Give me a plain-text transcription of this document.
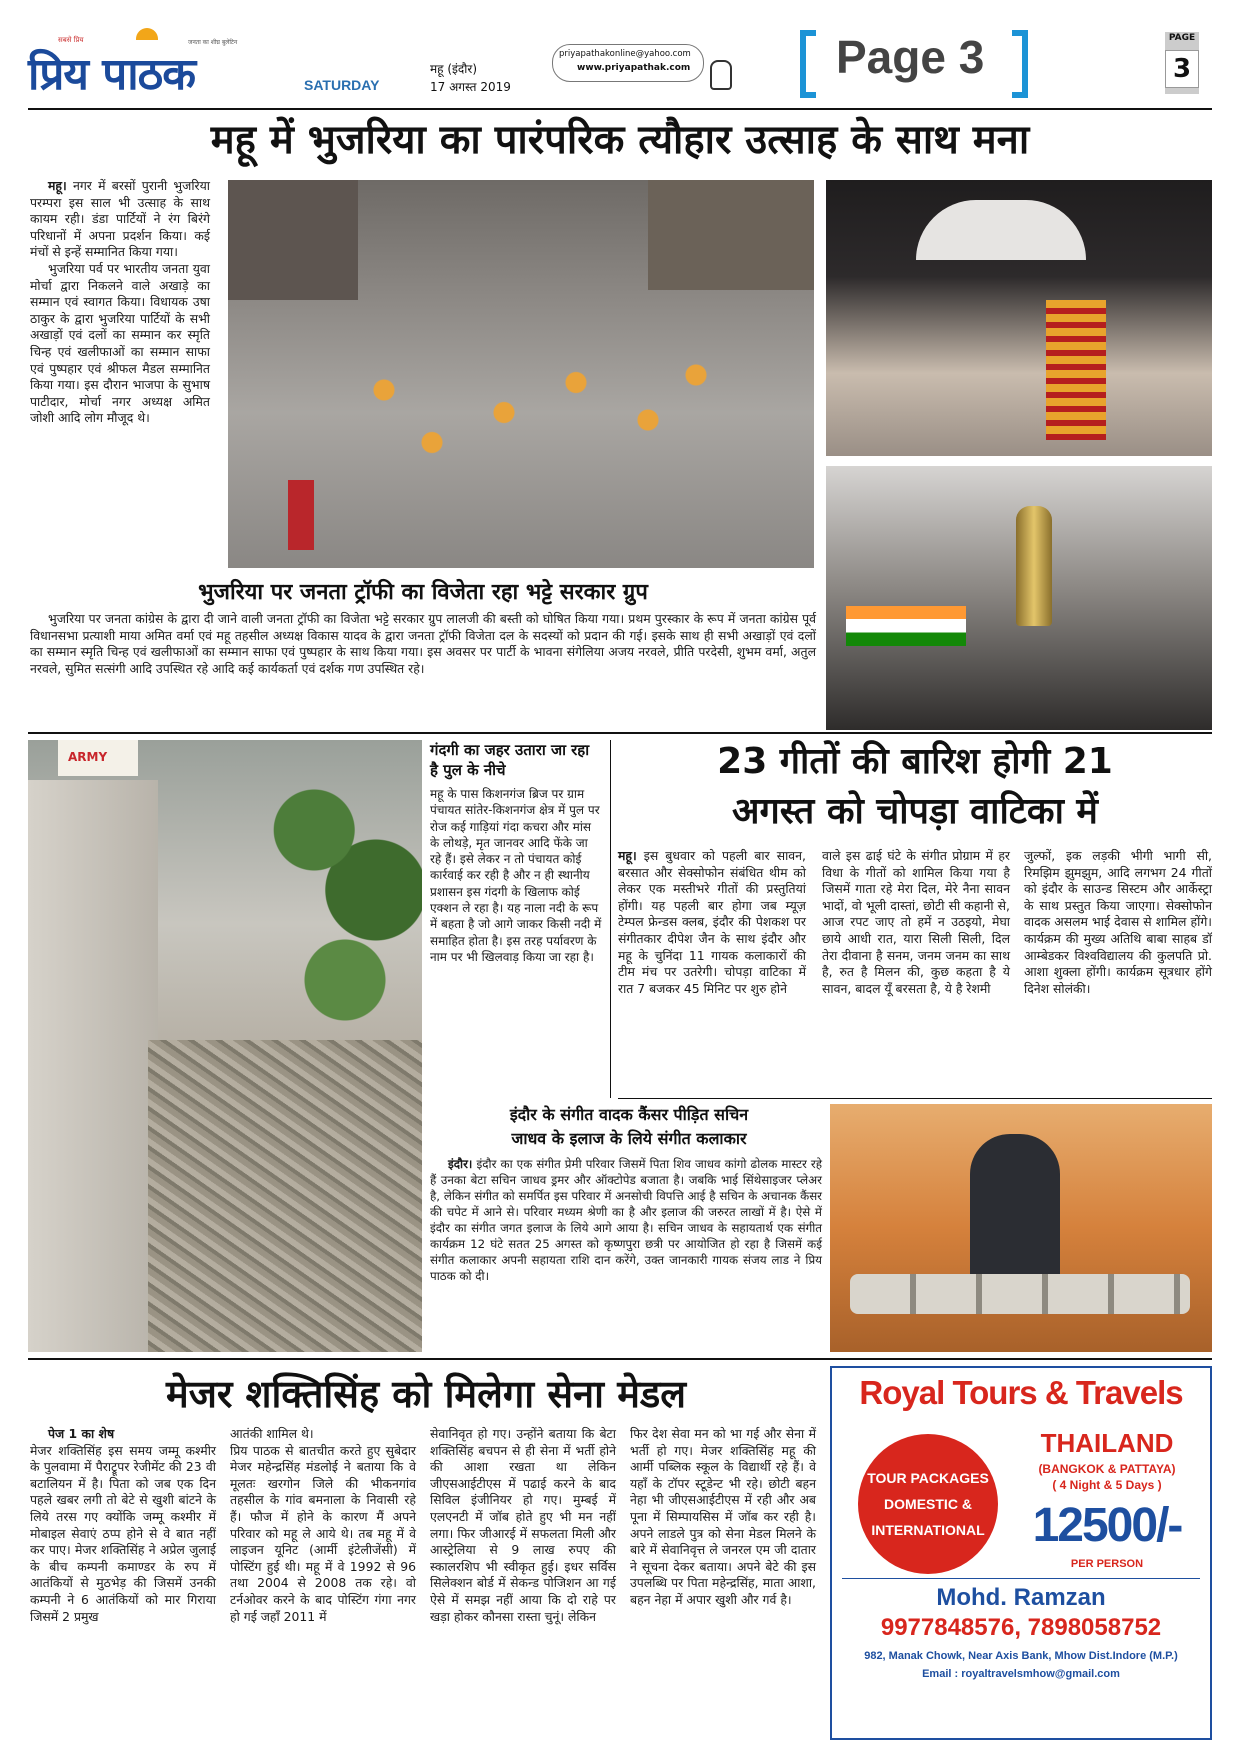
सबसे प्रिय
प्रिय पाठक
जनता का शीघ्र बुलेटिन
SATURDAY
महू (इंदौर)
17 अगस्त 2019
priyapathakonline@yahoo.com
www.priyapathak.com	Page 3	PAGE
3
महू में भुजरिया का पारंपरिक त्यौहार उत्साह के साथ मना

महू। नगर में बरसों पुरानी भुजरिया परम्परा इस साल भी उत्साह के साथ कायम रही। डंडा पार्टियों ने रंग बिरंगे परिधानों में अपना प्रदर्शन किया। कई मंचों से इन्हें सम्मानित किया गया।

भुजरिया पर्व पर भारतीय जनता युवा मोर्चा द्वारा निकलने वाले अखाड़े का सम्मान एवं स्वागत किया। विधायक उषा ठाकुर के द्वारा भुजरिया पार्टियों के सभी अखाड़ों एवं दलों का सम्मान कर स्मृति चिन्ह एवं खलीफाओं का सम्मान साफा एवं पुष्पहार एवं श्रीफल मैडल सम्मानित किया गया। इस दौरान भाजपा के सुभाष पाटीदार, मोर्चा नगर अध्यक्ष अमित जोशी आदि लोग मौजूद थे।

भुजरिया पर जनता ट्रॉफी का विजेता रहा भट्टे सरकार ग्रुप
भुजरिया पर जनता कांग्रेस के द्वारा दी जाने वाली जनता ट्रॉफी का विजेता भट्टे सरकार ग्रुप लालजी की बस्ती को घोषित किया गया। प्रथम पुरस्कार के रूप में जनता कांग्रेस पूर्व विधानसभा प्रत्याशी माया अमित वर्मा एवं महू तहसील अध्यक्ष विकास यादव के द्वारा जनता ट्रॉफी विजेता दल के सदस्यों को प्रदान की गई। इसके साथ ही सभी अखाड़ों एवं दलों का सम्मान स्मृति चिन्ह एवं खलीफाओं का सम्मान साफा एवं पुष्पहार के साथ किया गया। इस अवसर पर पार्टी के भावना संगेलिया अजय नरवले, प्रीति परदेसी, शुभम वर्मा, अतुल नरवले, सुमित सत्संगी आदि उपस्थित रहे आदि कई कार्यकर्ता एवं दर्शक गण उपस्थित रहे।
ARMY	गंदगी का जहर उतारा जा रहा है पुल के नीचे
महू के पास किशनगंज ब्रिज पर ग्राम पंचायत सांतेर-किशनगंज क्षेत्र में पुल पर रोज कई गाड़ियां गंदा कचरा और मांस के लोथड़े, मृत जानवर आदि फेंके जा रहे हैं। इसे लेकर न तो पंचायत कोई कार्रवाई कर रही है और न ही स्थानीय प्रशासन इस गंदगी के खिलाफ कोई एक्शन ले रहा है। यह नाला नदी के रूप में बहता है जो आगे जाकर किसी नदी में समाहित होता है। इस तरह पर्यावरण के नाम पर भी खिलवाड़ किया जा रहा है।
23 गीतों की बारिश होगी 21
अगस्त को चोपड़ा वाटिका में
महू। इस बुधवार को पहली बार सावन, बरसात और सेक्सोफोन संबंधित थीम को लेकर एक मस्तीभरे गीतों की प्रस्तुतियां होंगी। यह पहली बार होगा जब म्यूज़ टेम्पल फ्रेन्डस क्लब, इंदौर की पेशकश पर संगीतकार दीपेश जैन के साथ इंदौर और महू के चुनिंदा 11 गायक कलाकारों की टीम मंच पर उतरेगी। चोपड़ा वाटिका में रात 7 बजकर 45 मिनिट पर शुरु होने
वाले इस ढाई घंटे के संगीत प्रोग्राम में हर विधा के गीतों को शामिल किया गया है जिसमें गाता रहे मेरा दिल, मेरे नैना सावन भादों, वो भूली दास्तां, छोटी सी कहानी से, आज रपट जाए तो हमें न उठइयो, मेघा छाये आधी रात, यारा सिली सिली, दिल तेरा दीवाना है सनम, जनम जनम का साथ है, रुत है मिलन की, कुछ कहता है ये सावन, बादल यूँ बरसता है, ये है रेशमी
जुल्फों, इक लड़की भीगी भागी सी, रिमझिम झुमझुम, आदि लगभग 24 गीतों को इंदौर के साउन्ड सिस्टम और आर्केस्ट्रा के साथ प्रस्तुत किया जाएगा। सेक्सोफोन वादक असलम भाई देवास से शामिल होंगे। कार्यक्रम की मुख्य अतिथि बाबा साहब डॉ आम्बेडकर विश्वविद्यालय की कुलपति प्रो. आशा शुक्ला होंगी। कार्यक्रम सूत्रधार होंगे दिनेश सोलंकी।
इंदौर के संगीत वादक कैंसर पीड़ित सचिन
जाधव के इलाज के लिये संगीत कलाकार
इंदौर। इंदौर का एक संगीत प्रेमी परिवार जिसमें पिता शिव जाधव कांगो ढोलक मास्टर रहे हैं उनका बेटा सचिन जाधव ड्रमर और ऑक्टोपेड बजाता है। जबकि भाई सिंथेसाइजर प्लेअर है, लेकिन संगीत को समर्पित इस परिवार में अनसोची विपत्ति आई है सचिन के अचानक कैंसर की चपेट में आने से। परिवार मध्यम श्रेणी का है और इलाज की जरुरत लाखों में है। ऐसे में इंदौर का संगीत जगत इलाज के लिये आगे आया है। सचिन जाधव के सहायतार्थ एक संगीत कार्यक्रम 12 घंटे सतत 25 अगस्त को कृष्णपुरा छत्री पर आयोजित हो रहा है जिसमें कई संगीत कलाकार अपनी सहायता राशि दान करेंगे, उक्त जानकारी गायक संजय लाड ने प्रिय पाठक को दी।
मेजर शक्तिसिंह को मिलेगा सेना मेडल
पेज 1 का शेष
मेजर शक्तिसिंह इस समय जम्मू कश्मीर के पुलवामा में पैराट्रूपर रेजीमेंट की 23 वी बटालियन में है। पिता को जब एक दिन पहले खबर लगी तो बेटे से खुशी बांटने के लिये तरस गए क्योंकि जम्मू कश्मीर में मोबाइल सेवाएं ठप्प होने से वे बात नहीं कर पाए। मेजर शक्तिसिंह ने अप्रेल जुलाई के बीच कम्पनी कमाण्डर के रुप में आतंकियों से मुठभेड़ की जिसमें उनकी कम्पनी ने 6 आतंकियों को मार गिराया जिसमें 2 प्रमुख
आतंकी शामिल थे।
प्रिय पाठक से बातचीत करते हुए सुबेदार मेजर महेन्द्रसिंह मंडलोई ने बताया कि वे मूलतः खरगोन जिले की भीकनगांव तहसील के गांव बमनाला के निवासी रहे हैं। फौज में होने के कारण मैं अपने परिवार को महू ले आये थे। तब महू में वे लाइजन यूनिट (आर्मी इंटेलीजेंसी) में पोस्टिंग हुई थी। महू में वे 1992 से 96 तथा 2004 से 2008 तक रहे। वो टर्नओवर करने के बाद पोस्टिंग गंगा नगर हो गई जहाँ 2011 में
सेवानिवृत हो गए। उन्होंने बताया कि बेटा शक्तिसिंह बचपन से ही सेना में भर्ती होने की आशा रखता था लेकिन जीएसआईटीएस में पढाई करने के बाद सिविल इंजीनियर हो गए। मुम्बई में एलएनटी में जॉब होते हुए भी मन नहीं लगा। फिर जीआरई में सफलता मिली और आस्ट्रेलिया से 9 लाख रुपए की स्कालरशिप भी स्वीकृत हुई। इधर सर्विस सिलेक्शन बोर्ड में सेकन्ड पोजिशन आ गई ऐसे में समझ नहीं आया कि दो राहे पर खड़ा होकर कौनसा रास्ता चुनूं। लेकिन
फिर देश सेवा मन को भा गई और सेना में भर्ती हो गए। मेजर शक्तिसिंह महू की आर्मी पब्लिक स्कूल के विद्यार्थी रहे हैं। वे यहाँ के टॉपर स्टूडेन्ट भी रहे। छोटी बहन नेहा भी जीएसआईटीएस में रही और अब पूना में सिम्पायसिस में जॉब कर रही है। अपने लाडले पुत्र को सेना मेडल मिलने के बारे में सेवानिवृत्त ले जनरल एम जी दातार ने सूचना देकर बताया। अपने बेटे की इस उपलब्धि पर पिता महेन्द्रसिंह, माता आशा, बहन नेहा में अपार खुशी और गर्व है।
Royal Tours & Travels
TOUR PACKAGES
DOMESTIC &
INTERNATIONAL
THAILAND
(BANGKOK & PATTAYA)
( 4 Night & 5 Days )
12500/-
PER PERSON
Mohd. Ramzan
9977848576, 7898058752
982, Manak Chowk, Near Axis Bank, Mhow Dist.Indore (M.P.)
Email : royaltravelsmhow@gmail.com
